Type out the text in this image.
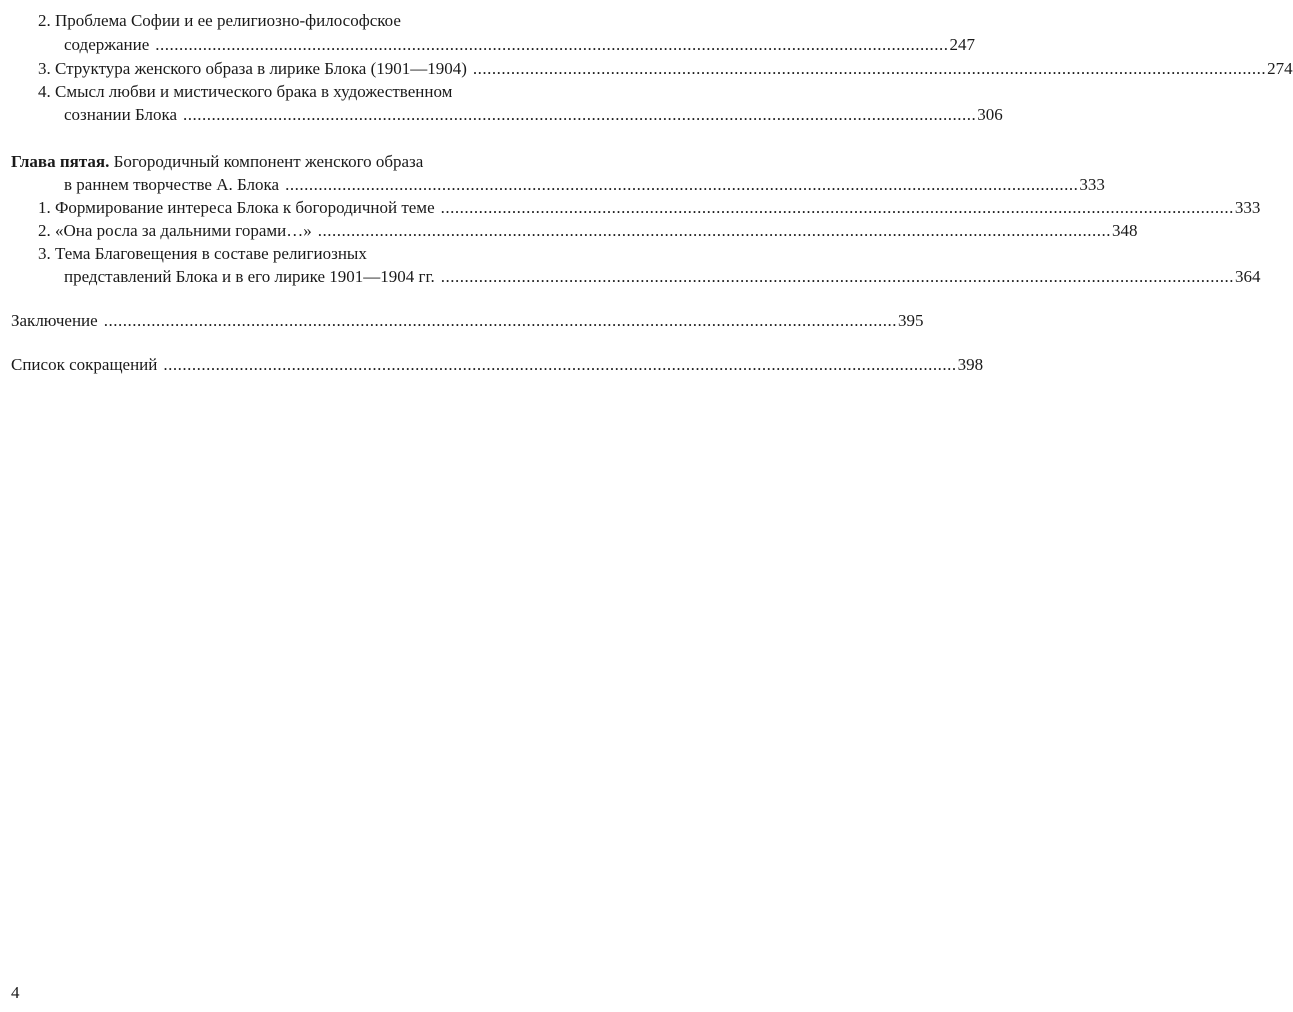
2. Проблема Софии и ее религиозно-философское
содержание ....................................................................................................................................................................... 247
3. Структура женского образа в лирике Блока (1901—1904) ....................................................................................................................................................................... 274
4. Смысл любви и мистического брака в художественном
сознании Блока ....................................................................................................................................................................... 306
Глава пятая. Богородичный компонент женского образа
в раннем творчестве А. Блока ....................................................................................................................................................................... 333
1. Формирование интереса Блока к богородичной теме ....................................................................................................................................................................... 333
2. «Она росла за дальними горами…» ....................................................................................................................................................................... 348
3. Тема Благовещения в составе религиозных
представлений Блока и в его лирике 1901—1904 гг. ....................................................................................................................................................................... 364
Заключение ....................................................................................................................................................................... 395
Список сокращений ....................................................................................................................................................................... 398
4
